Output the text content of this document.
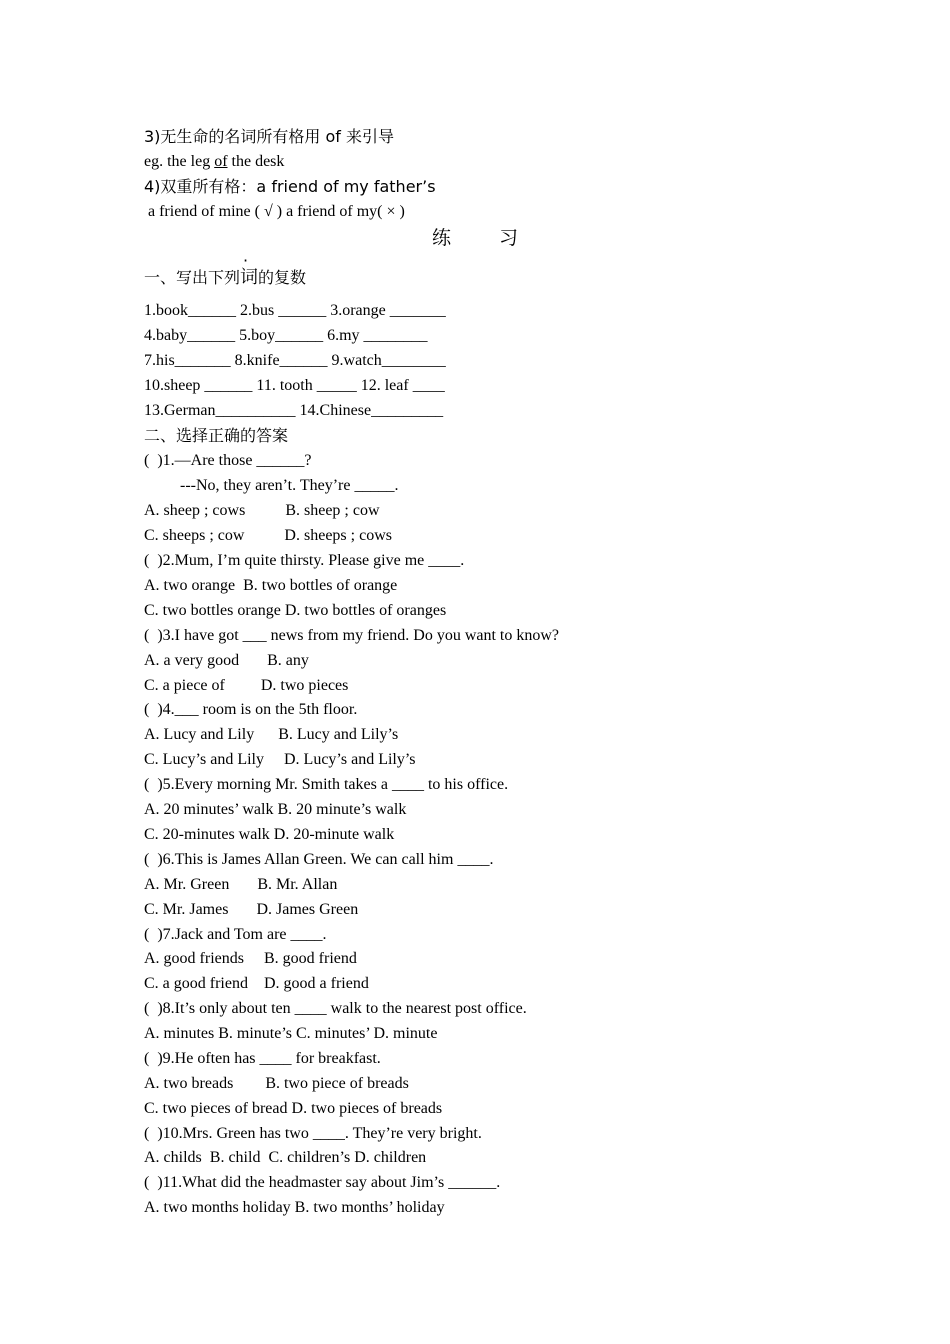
3)无生命的名词所有格用 of 来引导
eg. the leg of the desk
4)双重所有格：a friend of my father’s
a friend of mine ( √ ) a friend of my( × )
练	习
一、写出下列词的复数
1.book______ 2.bus ______ 3.orange _______
4.baby______ 5.boy______ 6.my ________
7.his_______ 8.knife______ 9.watch________
10.sheep ______ 11. tooth _____ 12. leaf ____
13.German__________ 14.Chinese_________
二、选择正确的答案
(  )1.—Are those ______?
---No, they aren’t. They’re _____.
A. sheep ; cows          B. sheep ; cow
C. sheeps ; cow          D. sheeps ; cows
(  )2.Mum, I’m quite thirsty. Please give me ____.
A. two orange  B. two bottles of orange
C. two bottles orange D. two bottles of oranges
(  )3.I have got ___ news from my friend. Do you want to know?
A. a very good       B. any
C. a piece of         D. two pieces
(  )4.___ room is on the 5th floor.
A. Lucy and Lily      B. Lucy and Lily’s
C. Lucy’s and Lily     D. Lucy’s and Lily’s
(  )5.Every morning Mr. Smith takes a ____ to his office.
A. 20 minutes’ walk B. 20 minute’s walk
C. 20-minutes walk D. 20-minute walk
(  )6.This is James Allan Green. We can call him ____.
A. Mr. Green       B. Mr. Allan
C. Mr. James       D. James Green
(  )7.Jack and Tom are ____.
A. good friends     B. good friend
C. a good friend    D. good a friend
(  )8.It’s only about ten ____ walk to the nearest post office.
A. minutes B. minute’s C. minutes’ D. minute
(  )9.He often has ____ for breakfast.
A. two breads        B. two piece of breads
C. two pieces of bread D. two pieces of breads
(  )10.Mrs. Green has two ____. They’re very bright.
A. childs  B. child  C. children’s D. children
(  )11.What did the headmaster say about Jim’s ______.
A. two months holiday B. two months’ holiday
